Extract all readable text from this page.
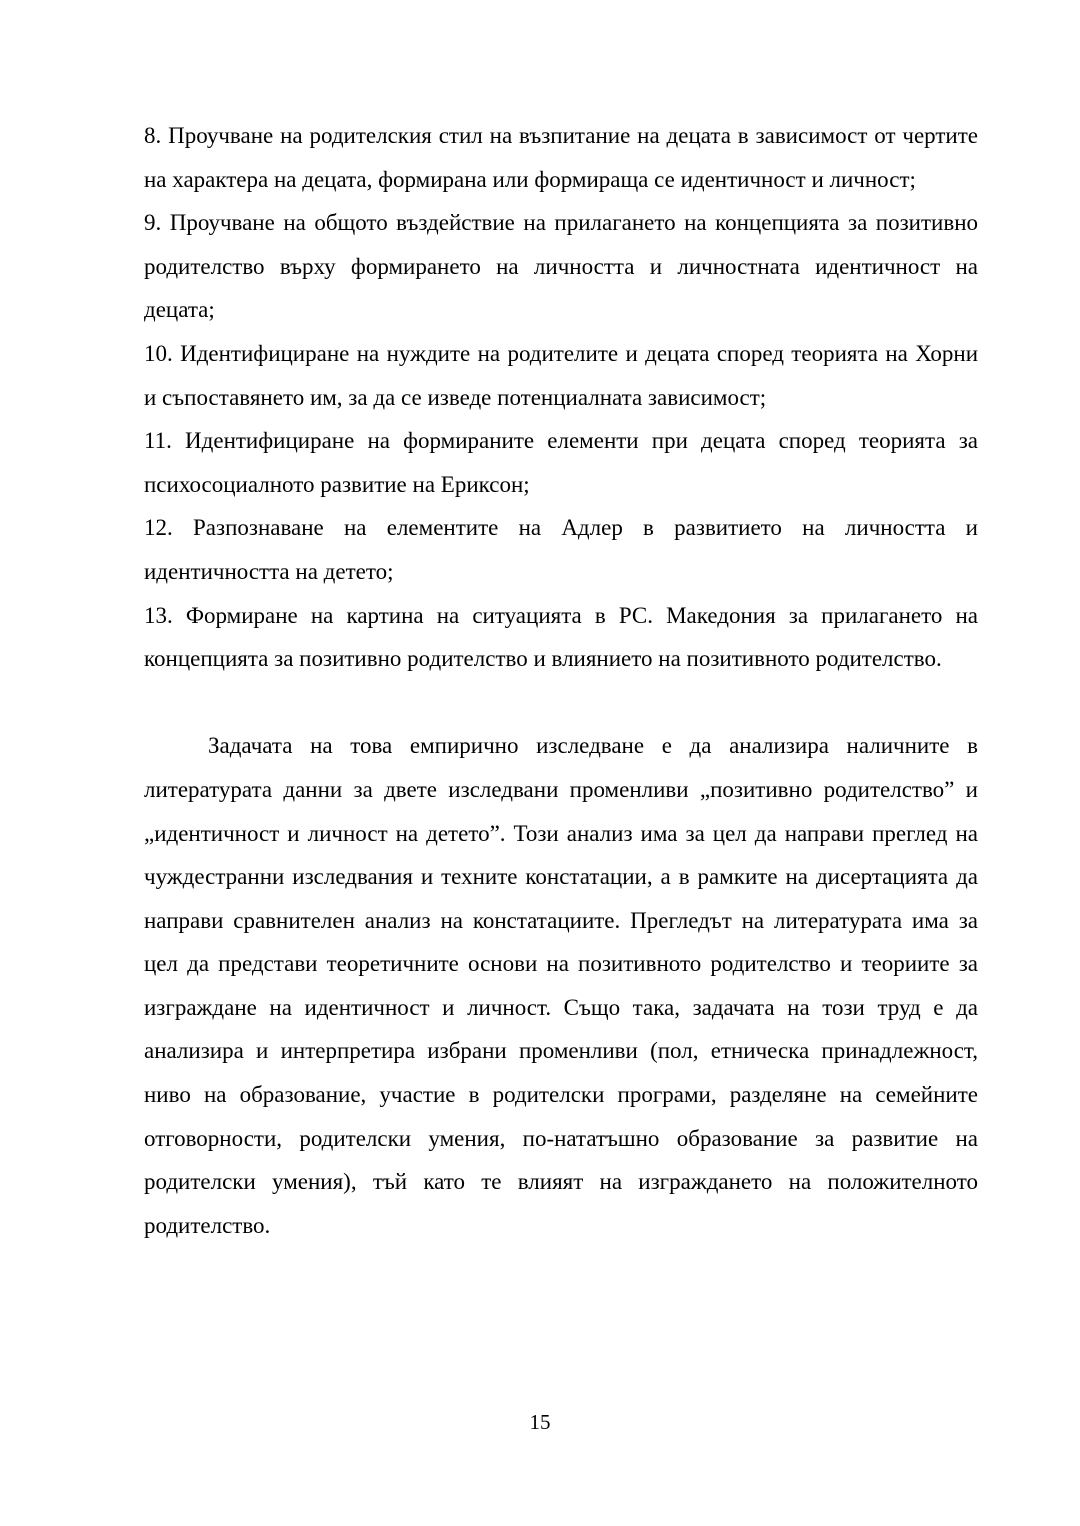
8. Проучване на родителския стил на възпитание на децата в зависимост от чертите на характера на децата, формирана или формираща се идентичност и личност;

9. Проучване на общото въздействие на прилагането на концепцията за позитивно родителство върху формирането на личността и личностната идентичност на децата;

10. Идентифициране на нуждите на родителите и децата според теорията на Хорни и съпоставянето им, за да се изведе потенциалната зависимост;

11. Идентифициране на формираните елементи при децата според теорията за психосоциалното развитие на Ериксон;

12. Разпознаване на елементите на Адлер в развитието на личността и идентичността на детето;

13. Формиране на картина на ситуацията в РС. Македония за прилагането на концепцията за позитивно родителство и влиянието на позитивното родителство.

Задачата на това емпирично изследване е да анализира наличните в литературата данни за двете изследвани променливи „позитивно родителство” и „идентичност и личност на детето”. Този анализ има за цел да направи преглед на чуждестранни изследвания и техните констатации, а в рамките на дисертацията да направи сравнителен анализ на констатациите. Прегледът на литературата има за цел да представи теоретичните основи на позитивното родителство и теориите за изграждане на идентичност и личност. Също така, задачата на този труд е да анализира и интерпретира избрани променливи (пол, етническа принадлежност, ниво на образование, участие в родителски програми, разделяне на семейните отговорности, родителски умения, по-нататъшно образование за развитие на родителски умения), тъй като те влияят на изграждането на положителното родителство.

15
